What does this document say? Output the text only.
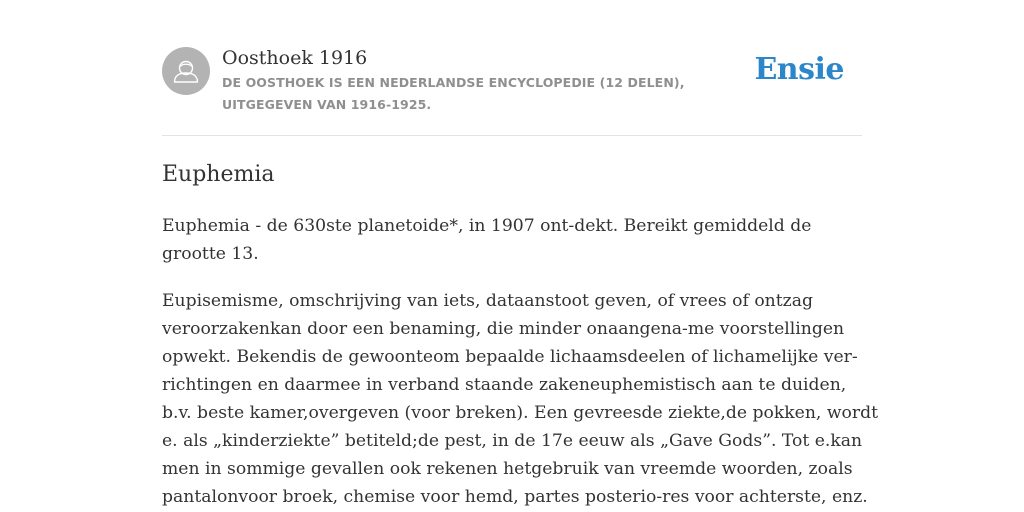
Oosthoek 1916
DE OOSTHOEK IS EEN NEDERLANDSE ENCYCLOPEDIE (12 DELEN), UITGEGEVEN VAN 1916-1925.
Ensie
Euphemia

Euphemia - de 630ste planetoide*, in 1907 ont-dekt. Bereikt gemiddeld de
grootte 13.

Eupisemisme, omschrijving van iets, dataanstoot geven, of vrees of ontzag
veroorzakenkan door een benaming, die minder onaangena-me voorstellingen
opwekt. Bekendis de gewoonteom bepaalde lichaamsdeelen of lichamelijke ver-
richtingen en daarmee in verband staande zakeneuphemistisch aan te duiden,
b.v. beste kamer,overgeven (voor breken). Een gevreesde ziekte,de pokken, wordt
e. als „kinderziekte” betiteld;de pest, in de 17e eeuw als „Gave Gods”. Tot e.kan
men in sommige gevallen ook rekenen hetgebruik van vreemde woorden, zoals
pantalonvoor broek, chemise voor hemd, partes posterio-res voor achterste, enz.
